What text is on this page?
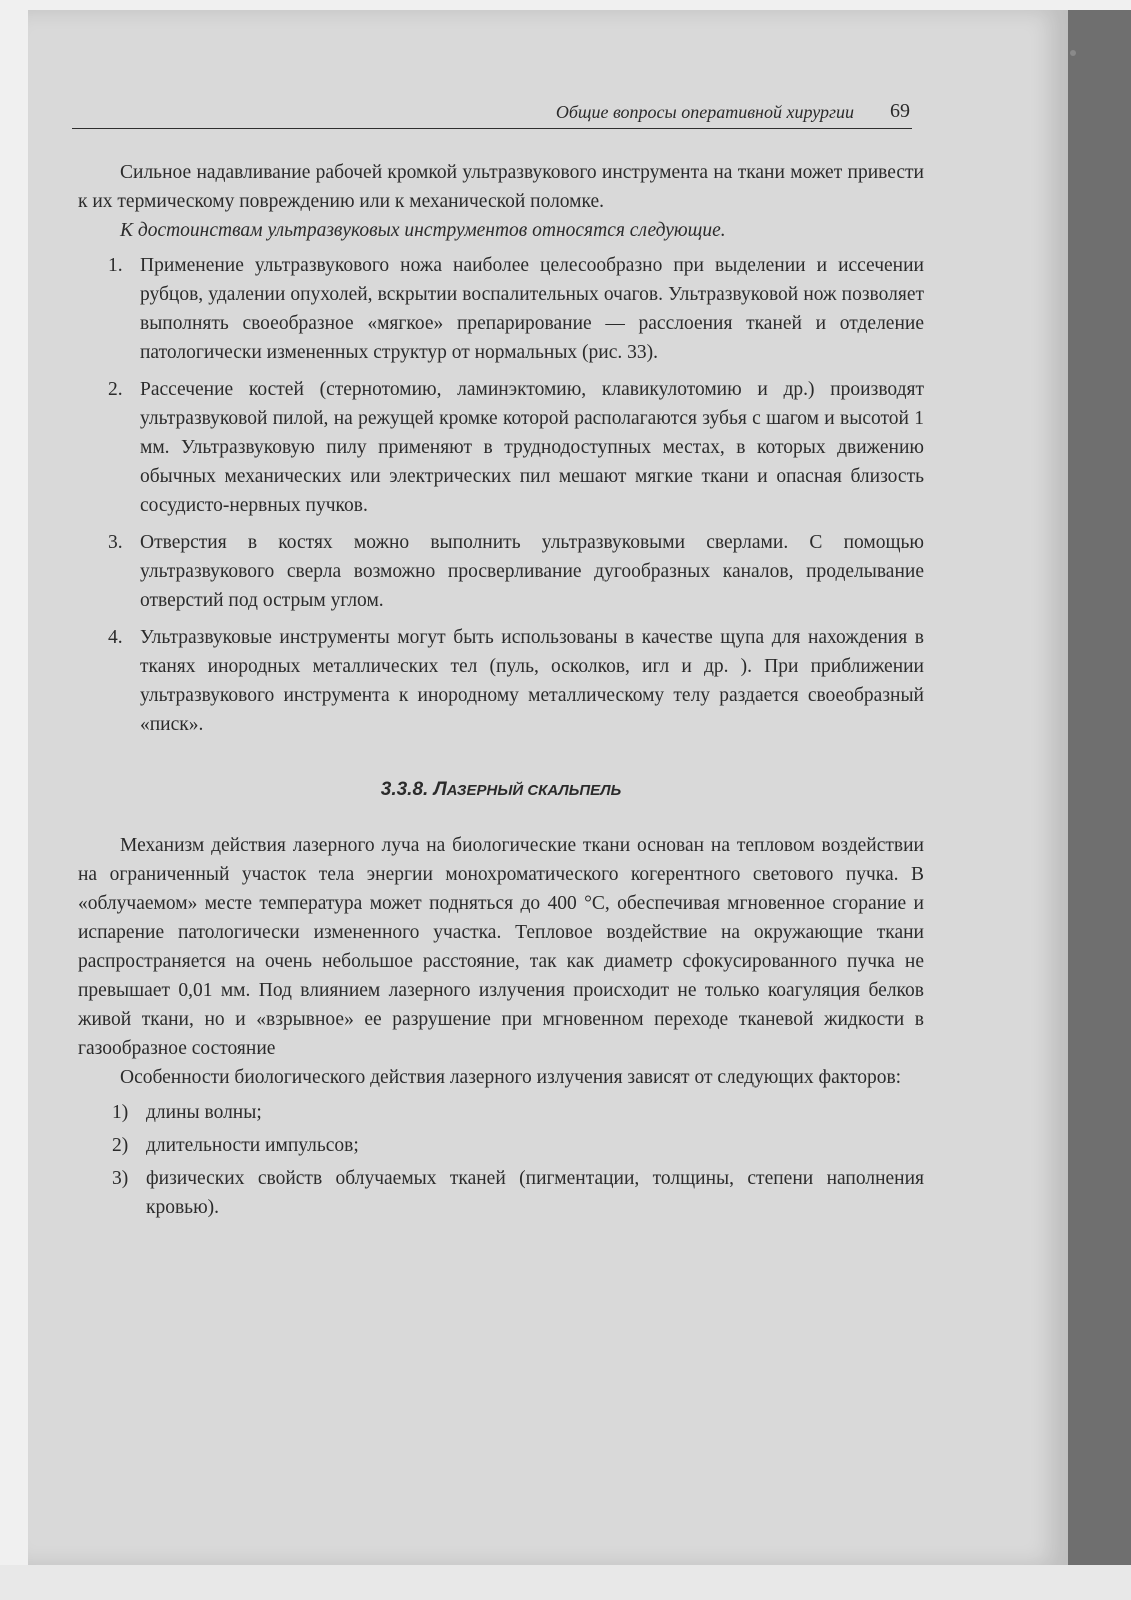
Общие вопросы оперативной хирургии 69

Сильное надавливание рабочей кромкой ультразвукового инструмента на ткани может привести к их термическому повреждению или к механической поломке.

К достоинствам ультразвуковых инструментов относятся следующие.

1. Применение ультразвукового ножа наиболее целесообразно при выделении и иссечении рубцов, удалении опухолей, вскрытии воспалительных очагов. Ультразвуковой нож позволяет выполнять своеобразное «мягкое» препарирование — расслоения тканей и отделение патологически измененных структур от нормальных (рис. 33).
2. Рассечение костей (стернотомию, ламинэктомию, клавикулотомию и др.) производят ультразвуковой пилой, на режущей кромке которой располагаются зубья с шагом и высотой 1 мм. Ультразвуковую пилу применяют в труднодоступных местах, в которых движению обычных механических или электрических пил мешают мягкие ткани и опасная близость сосудисто-нервных пучков.
3. Отверстия в костях можно выполнить ультразвуковыми сверлами. С помощью ультразвукового сверла возможно просверливание дугообразных каналов, проделывание отверстий под острым углом.
4. Ультразвуковые инструменты могут быть использованы в качестве щупа для нахождения в тканях инородных металлических тел (пуль, осколков, игл и др. ). При приближении ультразвукового инструмента к инородному металлическому телу раздается своеобразный «писк».
3.3.8. ЛАЗЕРНЫЙ СКАЛЬПЕЛЬ

Механизм действия лазерного луча на биологические ткани основан на тепловом воздействии на ограниченный участок тела энергии монохроматического когерентного светового пучка. В «облучаемом» месте температура может подняться до 400 °С, обеспечивая мгновенное сгорание и испарение патологически измененного участка. Тепловое воздействие на окружающие ткани распространяется на очень небольшое расстояние, так как диаметр сфокусированного пучка не превышает 0,01 мм. Под влиянием лазерного излучения происходит не только коагуляция белков живой ткани, но и «взрывное» ее разрушение при мгновенном переходе тканевой жидкости в газообразное состояние

Особенности биологического действия лазерного излучения зависят от следующих факторов:

1) длины волны;
2) длительности импульсов;
3) физических свойств облучаемых тканей (пигментации, толщины, степени наполнения кровью).
